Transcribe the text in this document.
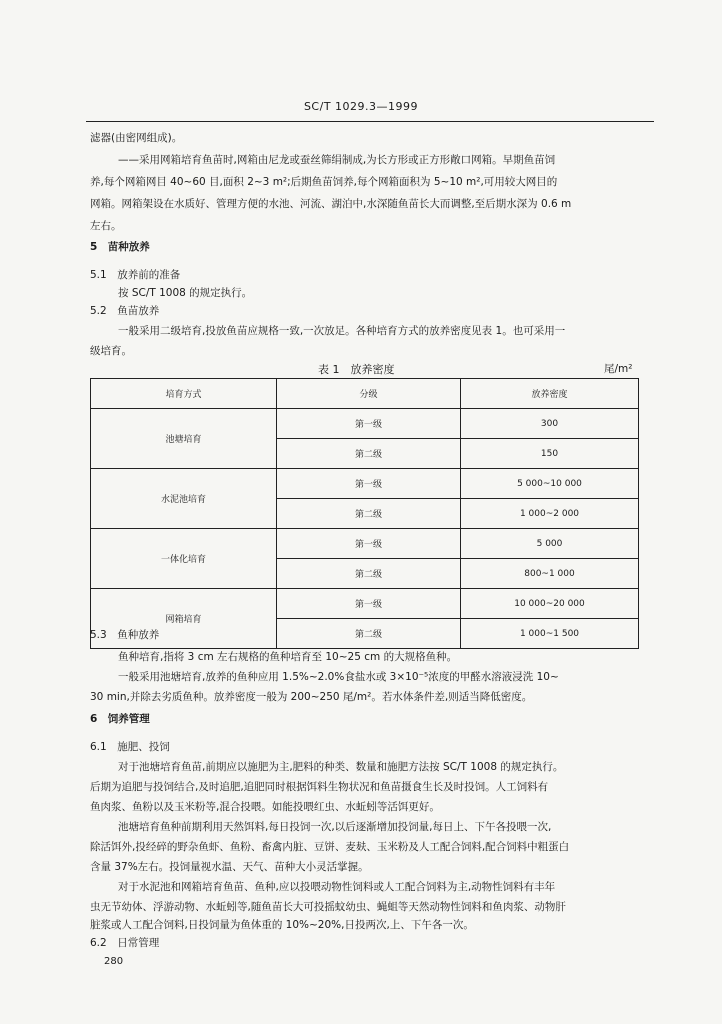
SC/T 1029.3—1999
滤器(由密网组成)。
——采用网箱培育鱼苗时,网箱由尼龙或蚕丝筛绢制成,为长方形或正方形敞口网箱。早期鱼苗饲
养,每个网箱网目 40~60 目,面积 2~3 m²;后期鱼苗饲养,每个网箱面积为 5~10 m²,可用较大网目的
网箱。网箱架设在水质好、管理方便的水池、河流、湖泊中,水深随鱼苗长大而调整,至后期水深为 0.6 m
左右。
5　苗种放养
5.1　放养前的准备
按 SC/T 1008 的规定执行。
5.2　鱼苗放养
一般采用二级培育,投放鱼苗应规格一致,一次放足。各种培育方式的放养密度见表 1。也可采用一
级培育。
表 1　放养密度	尾/m²
培育方式	分级	放养密度
池塘培育	第一级	300
	第二级	150
水泥池培育	第一级	5 000~10 000
	第二级	1 000~2 000
一体化培育	第一级	5 000
	第二级	800~1 000
网箱培育	第一级	10 000~20 000
	第二级	1 000~1 500
5.3　鱼种放养
鱼种培育,指将 3 cm 左右规格的鱼种培育至 10~25 cm 的大规格鱼种。
一般采用池塘培育,放养的鱼种应用 1.5%~2.0%食盐水或 3×10⁻⁵浓度的甲醛水溶液浸洗 10~
30 min,并除去劣质鱼种。放养密度一般为 200~250 尾/m²。若水体条件差,则适当降低密度。
6　饲养管理
6.1　施肥、投饲
对于池塘培育鱼苗,前期应以施肥为主,肥料的种类、数量和施肥方法按 SC/T 1008 的规定执行。
后期为追肥与投饲结合,及时追肥,追肥同时根据饵料生物状况和鱼苗摄食生长及时投饲。人工饲料有
鱼肉浆、鱼粉以及玉米粉等,混合投喂。如能投喂红虫、水蚯蚓等活饵更好。
池塘培育鱼种前期利用天然饵料,每日投饲一次,以后逐渐增加投饲量,每日上、下午各投喂一次,
除活饵外,投经碎的野杂鱼虾、鱼粉、畜禽内脏、豆饼、麦麸、玉米粉及人工配合饲料,配合饲料中粗蛋白
含量 37%左右。投饲量视水温、天气、苗种大小灵活掌握。
对于水泥池和网箱培育鱼苗、鱼种,应以投喂动物性饲料或人工配合饲料为主,动物性饲料有丰年
虫无节幼体、浮游动物、水蚯蚓等,随鱼苗长大可投摇蚊幼虫、蝇蛆等天然动物性饲料和鱼肉浆、动物肝
脏浆或人工配合饲料,日投饲量为鱼体重的 10%~20%,日投两次,上、下午各一次。
6.2　日常管理
280
